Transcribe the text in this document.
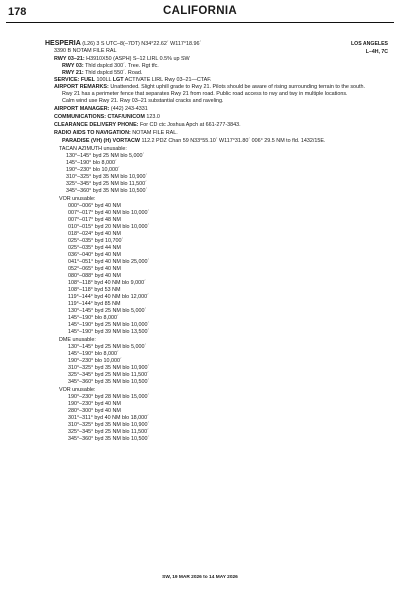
178	CALIFORNIA
HESPERIA (L26) 3 S UTC–8(–7DT) N34°22.62´ W117°18.96´	LOS ANGELES
3390 B NOTAM FILE RAL	L–4H, 7C
RWY 03–21: H3910X50 (ASPH) S–12 LIRL 0.5% up SW
RWY 03: Thld dsplcd 300´. Tree. Rgt tfc.
RWY 21: Thld dsplcd 550´. Road.
SERVICE: FUEL 100LL LGT ACTIVATE LIRL Rwy 03–21—CTAF.
AIRPORT REMARKS: Unattended. Slight uphill grade to Rwy 21. Pilots should be aware of rising surrounding terrain to the south.
Rwy 21 has a perimeter fence that separates Rwy 21 from road. Public road access to rwy and twy in multiple locations.
Calm wind use Rwy 21. Rwy 03–21 substantial cracks and raveling.
AIRPORT MANAGER: (442) 243-4331
COMMUNICATIONS: CTAF/UNICOM 123.0
CLEARANCE DELIVERY PHONE: For CD ctc Joshua Apch at 661-277-3843.
RADIO AIDS TO NAVIGATION: NOTAM FILE RAL.
PARADISE (VH) (H) VORTACW 112.2 PDZ Chan 59 N33°55.10´ W117°31.80´ 006° 29.5 NM to fld. 1432/15E.
TACAN AZIMUTH unusable:
130°–145° byd 25 NM blo 5,000´
145°–190° blo 8,000´
190°–230° blo 10,000´
310°–325° byd 35 NM blo 10,900´
325°–345° byd 25 NM blo 11,500´
345°–360° byd 35 NM blo 10,500´
VOR unusable:
000°–006° byd 40 NM
007°–017° byd 40 NM blo 10,000´
007°–017° byd 48 NM
010°–015° byd 20 NM blo 10,000´
018°–024° byd 40 NM
025°–035° byd 10,700´
025°–035° byd 44 NM
036°–040° byd 40 NM
041°–051° byd 40 NM blo 25,000´
052°–065° byd 40 NM
080°–088° byd 40 NM
108°–118° byd 40 NM blo 9,000´
108°–118° byd 53 NM
119°–144° byd 40 NM blo 12,000´
119°–144° byd 85 NM
130°–145° byd 25 NM blo 5,000´
145°–190° blo 8,000´
145°–190° byd 25 NM blo 10,000´
145°–190° byd 39 NM blo 13,500´
DME unusable:
130°–145° byd 25 NM blo 5,000´
145°–190° blo 8,000´
190°–230° blo 10,000´
310°–325° byd 35 NM blo 10,900´
325°–345° byd 25 NM blo 11,500´
345°–360° byd 35 NM blo 10,500´
VOR unusable:
190°–230° byd 28 NM blo 15,000´
190°–230° byd 40 NM
280°–300° byd 40 NM
301°–311° byd 40 NM blo 18,000´
310°–325° byd 35 NM blo 10,900´
325°–345° byd 25 NM blo 11,500´
345°–360° byd 35 NM blo 10,500´
SW, 19 MAR 2026 to 14 MAY 2026
